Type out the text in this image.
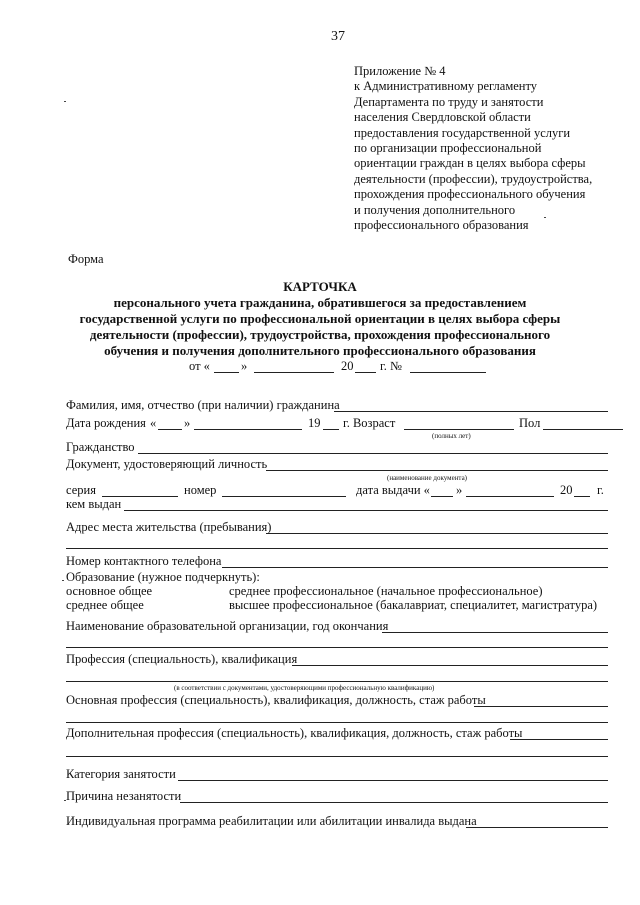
37
Приложение № 4
к Административному регламенту
Департамента по труду и занятости
населения Свердловской области
предоставления государственной услуги
по организации профессиональной
ориентации граждан в целях выбора сферы
деятельности (профессии), трудоустройства,
прохождения профессионального обучения
и получения дополнительного
профессионального образования
Форма
КАРТОЧКА
персонального учета гражданина, обратившегося за предоставлением
государственной услуги по профессиональной ориентации в целях выбора сферы
деятельности (профессии), трудоустройства, прохождения профессионального
обучения и получения дополнительного профессионального образования
от « »	20 г. №
Фамилия, имя, отчество (при наличии) гражданина
Дата рождения « »	19 г. Возраст	Пол
(полных лет)
Гражданство
Документ, удостоверяющий личность
(наименование документа)
серия	номер	дата выдачи « »	20 г.
кем выдан
Адрес места жительства (пребывания)
Номер контактного телефона
Образование (нужное подчеркнуть):
основное общее	среднее профессиональное (начальное профессиональное)
среднее общее	высшее профессиональное (бакалавриат, специалитет, магистратура)
Наименование образовательной организации, год окончания
Профессия (специальность), квалификация
(в соответствии с документами, удостоверяющими профессиональную квалификацию)
Основная профессия (специальность), квалификация, должность, стаж работы
Дополнительная профессия (специальность), квалификация, должность, стаж работы
Категория занятости
Причина незанятости
Индивидуальная программа реабилитации или абилитации инвалида выдана
